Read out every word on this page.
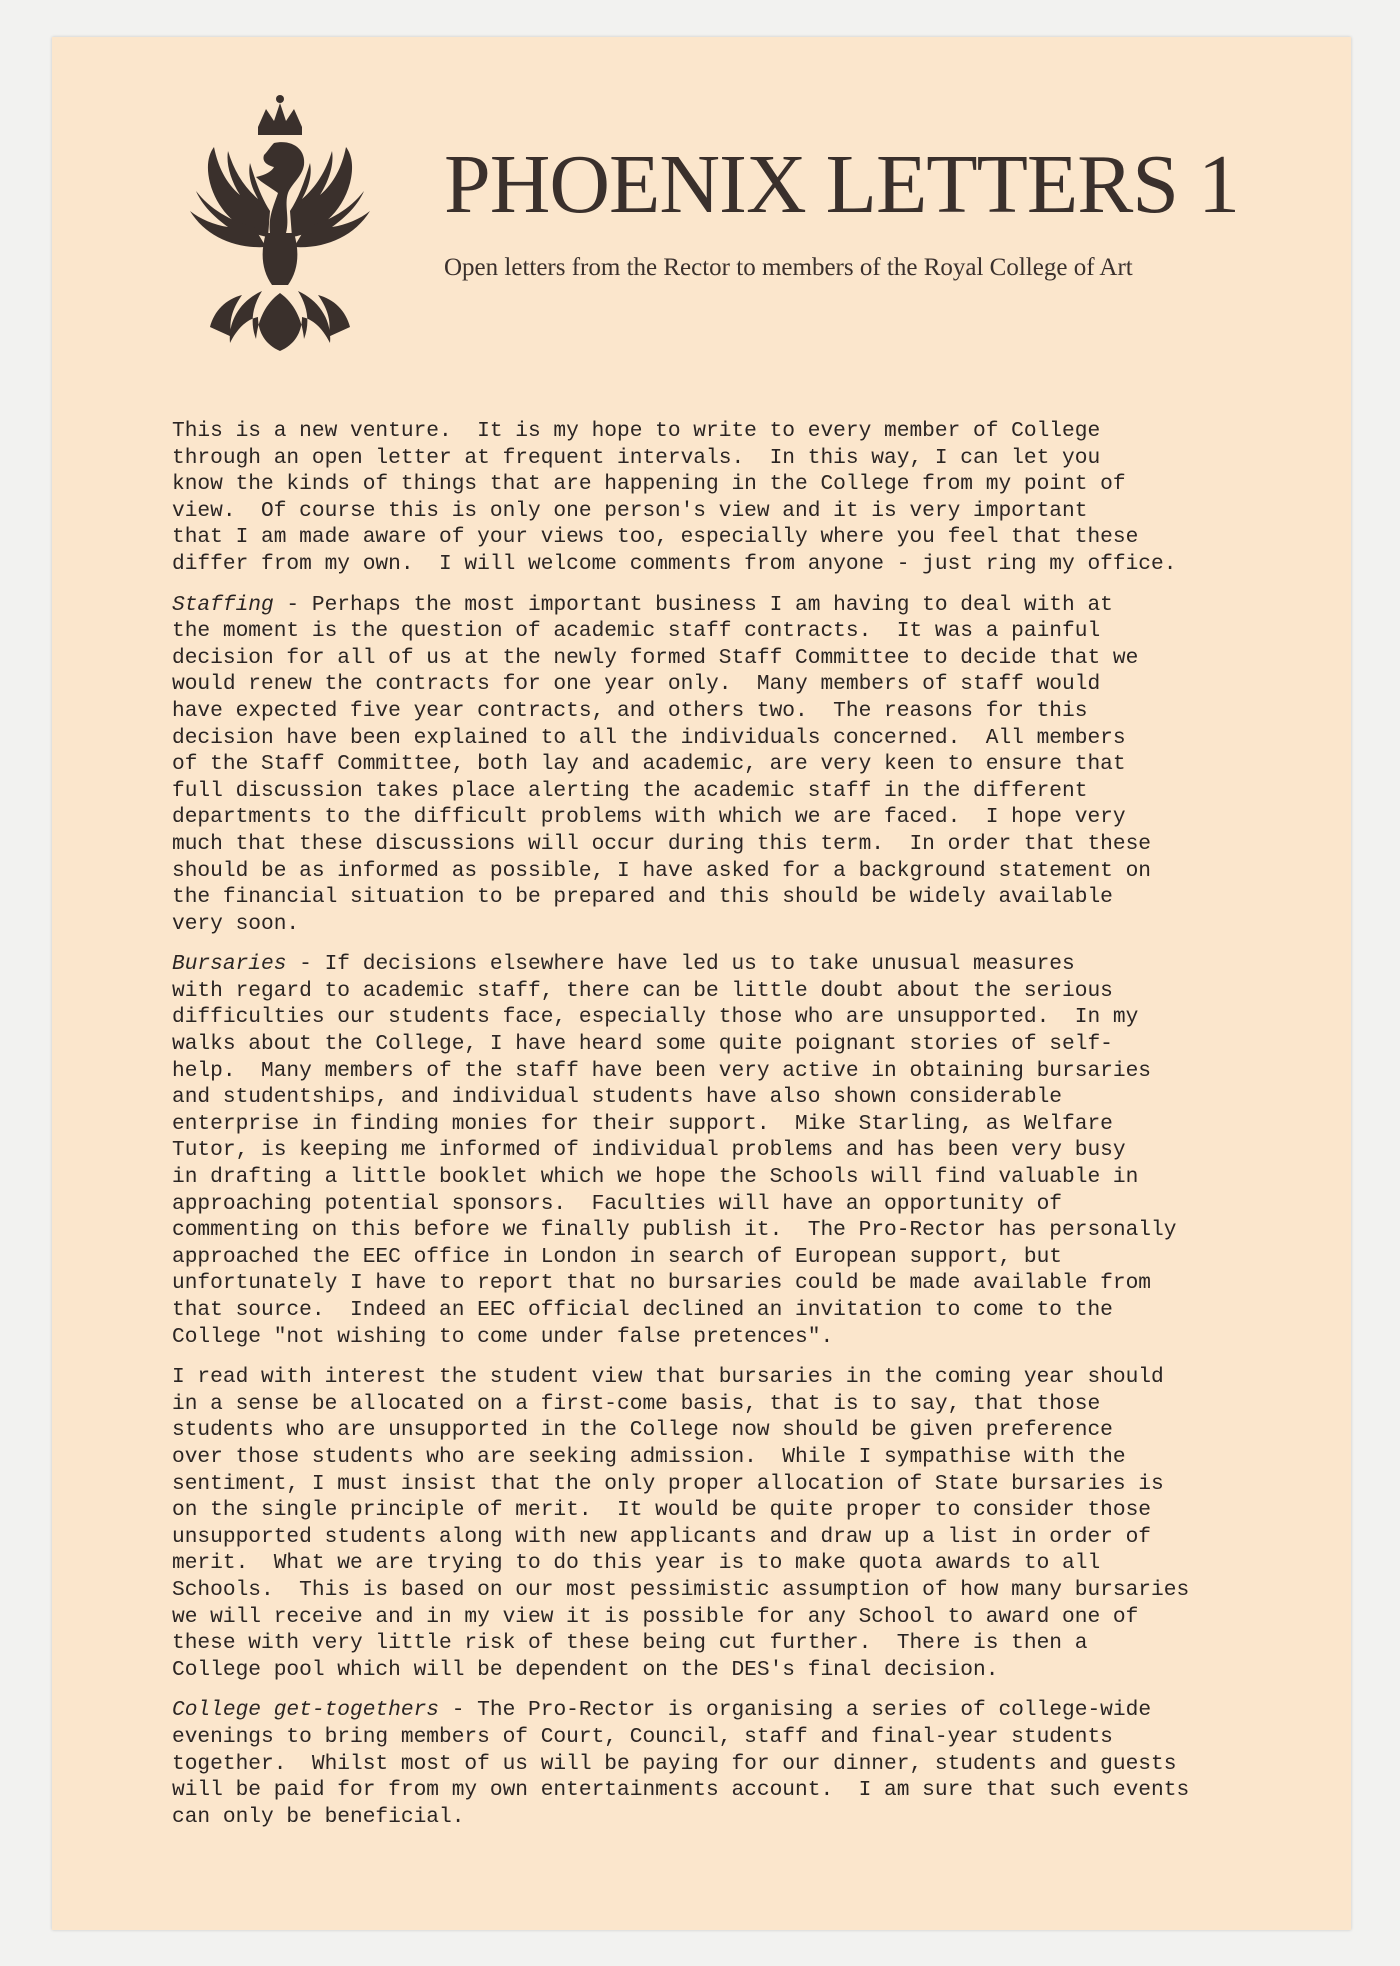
PHOENIX LETTERS 1
Open letters from the Rector to members of the Royal College of Art
This is a new venture.  It is my hope to write to every member of College
through an open letter at frequent intervals.  In this way, I can let you
know the kinds of things that are happening in the College from my point of
view.  Of course this is only one person's view and it is very important
that I am made aware of your views too, especially where you feel that these
differ from my own.  I will welcome comments from anyone - just ring my office.
Staffing - Perhaps the most important business I am having to deal with at
the moment is the question of academic staff contracts.  It was a painful
decision for all of us at the newly formed Staff Committee to decide that we
would renew the contracts for one year only.  Many members of staff would
have expected five year contracts, and others two.  The reasons for this
decision have been explained to all the individuals concerned.  All members
of the Staff Committee, both lay and academic, are very keen to ensure that
full discussion takes place alerting the academic staff in the different
departments to the difficult problems with which we are faced.  I hope very
much that these discussions will occur during this term.  In order that these
should be as informed as possible, I have asked for a background statement on
the financial situation to be prepared and this should be widely available
very soon.
Bursaries - If decisions elsewhere have led us to take unusual measures
with regard to academic staff, there can be little doubt about the serious
difficulties our students face, especially those who are unsupported.  In my
walks about the College, I have heard some quite poignant stories of self-
help.  Many members of the staff have been very active in obtaining bursaries
and studentships, and individual students have also shown considerable
enterprise in finding monies for their support.  Mike Starling, as Welfare
Tutor, is keeping me informed of individual problems and has been very busy
in drafting a little booklet which we hope the Schools will find valuable in
approaching potential sponsors.  Faculties will have an opportunity of
commenting on this before we finally publish it.  The Pro-Rector has personally
approached the EEC office in London in search of European support, but
unfortunately I have to report that no bursaries could be made available from
that source.  Indeed an EEC official declined an invitation to come to the
College "not wishing to come under false pretences".
I read with interest the student view that bursaries in the coming year should
in a sense be allocated on a first-come basis, that is to say, that those
students who are unsupported in the College now should be given preference
over those students who are seeking admission.  While I sympathise with the
sentiment, I must insist that the only proper allocation of State bursaries is
on the single principle of merit.  It would be quite proper to consider those
unsupported students along with new applicants and draw up a list in order of
merit.  What we are trying to do this year is to make quota awards to all
Schools.  This is based on our most pessimistic assumption of how many bursaries
we will receive and in my view it is possible for any School to award one of
these with very little risk of these being cut further.  There is then a
College pool which will be dependent on the DES's final decision.
College get-togethers - The Pro-Rector is organising a series of college-wide
evenings to bring members of Court, Council, staff and final-year students
together.  Whilst most of us will be paying for our dinner, students and guests
will be paid for from my own entertainments account.  I am sure that such events
can only be beneficial.
